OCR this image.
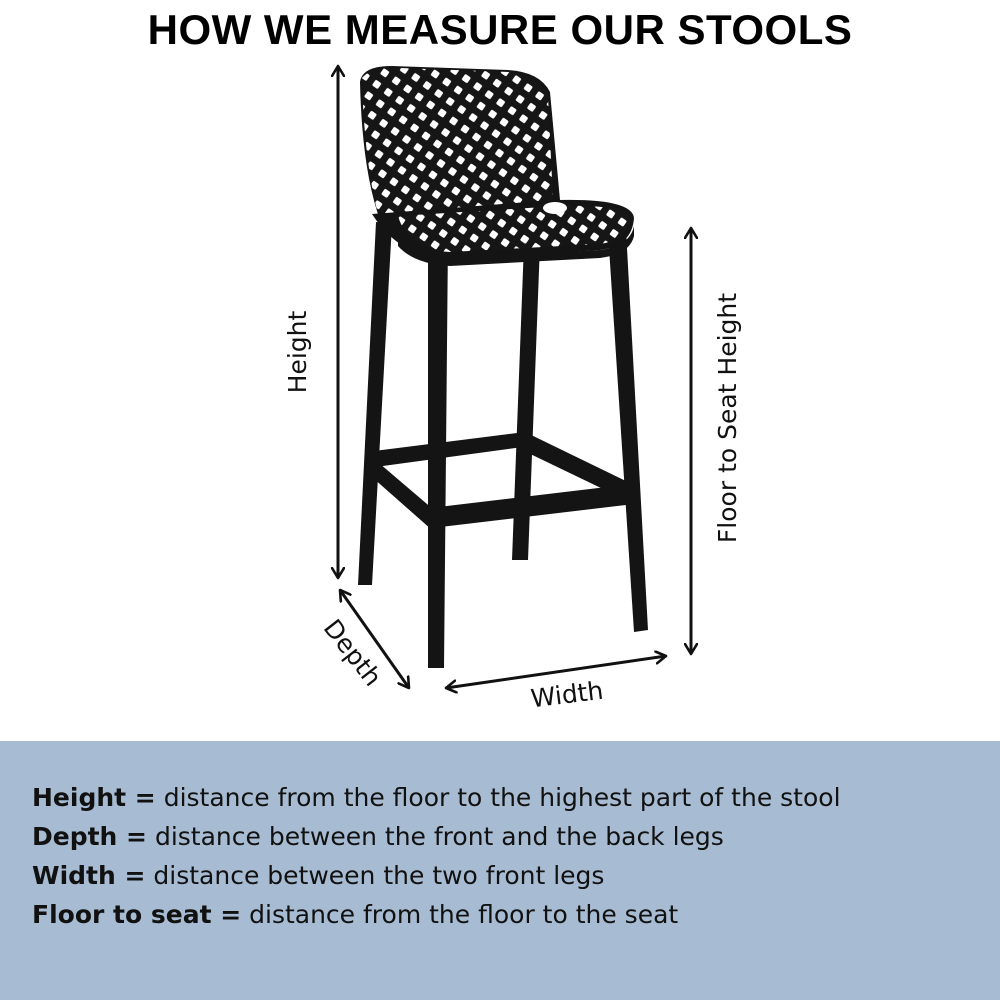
HOW WE MEASURE OUR STOOLS
Height	Floor to Seat Height
Depth
Width
Height = distance from the floor to the highest part of the stool
Depth = distance between the front and the back legs
Width = distance between the two front legs
Floor to seat = distance from the floor to the seat
